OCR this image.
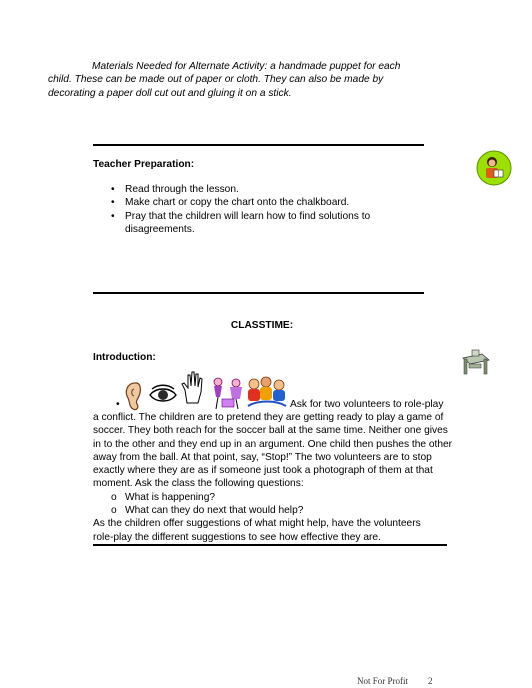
Materials Needed for Alternate Activity: a handmade puppet for each
child. These can be made out of paper or cloth. They can also be made by
decorating a paper doll cut out and gluing it on a stick.
Teacher Preparation:
• Read through the lesson.
• Make chart or copy the chart onto the chalkboard.
• Pray that the children will learn how to find solutions to
disagreements.
CLASSTIME:
Introduction:
•	Ask for two volunteers to role-play
a conflict. The children are to pretend they are getting ready to play a game of
soccer. They both reach for the soccer ball at the same time. Neither one gives
in to the other and they end up in an argument. One child then pushes the other
away from the ball. At that point, say, “Stop!” The two volunteers are to stop
exactly where they are as if someone just took a photograph of them at that
moment. Ask the class the following questions:
o What is happening?
o What can they do next that would help?
As the children offer suggestions of what might help, have the volunteers
role-play the different suggestions to see how effective they are.
Not For Profit 2
